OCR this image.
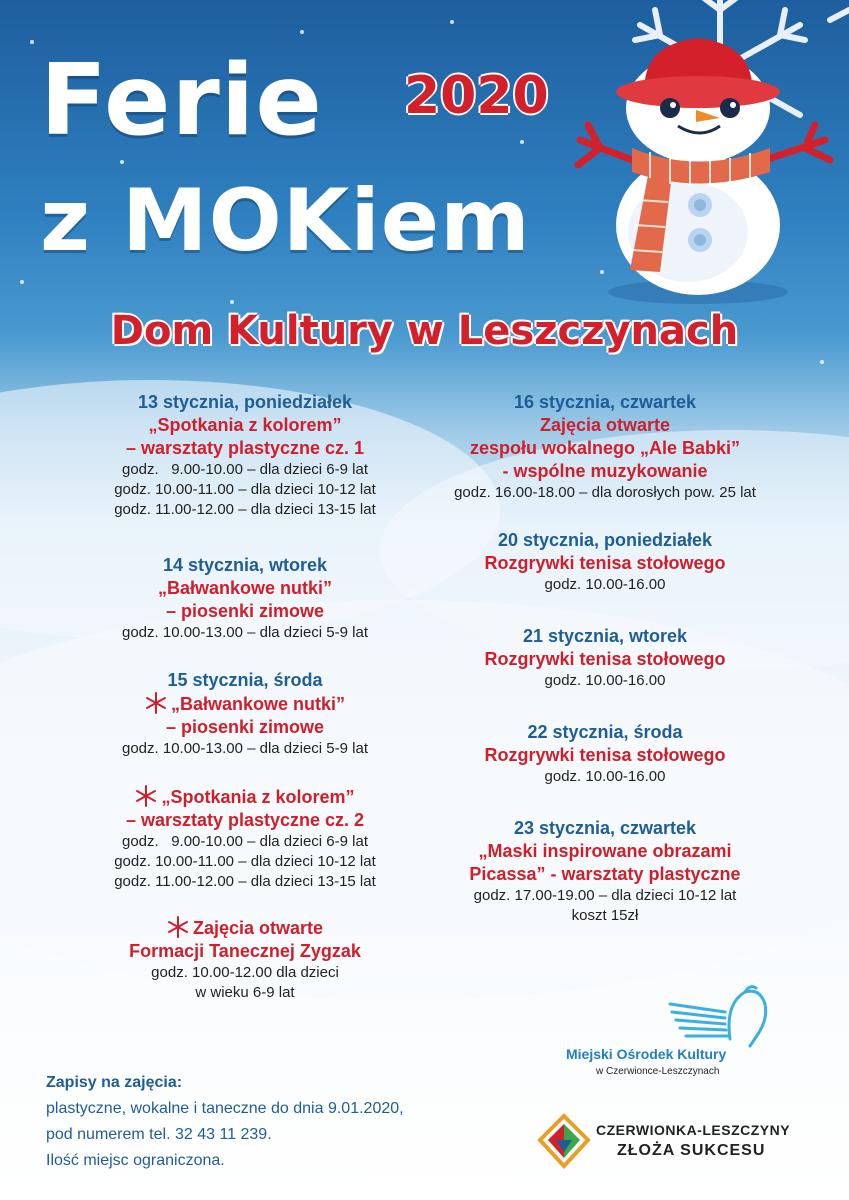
Ferie 2020
z MOKiem
Dom Kultury w Leszczynach
13 stycznia, poniedziałek
„Spotkania z kolorem”
– warsztaty plastyczne cz. 1
godz.   9.00-10.00 – dla dzieci 6-9 lat
godz. 10.00-11.00 – dla dzieci 10-12 lat
godz. 11.00-12.00 – dla dzieci 13-15 lat
14 stycznia, wtorek
„Bałwankowe nutki”
– piosenki zimowe
godz. 10.00-13.00 – dla dzieci 5-9 lat
15 stycznia, środa
„Bałwankowe nutki”
– piosenki zimowe
godz. 10.00-13.00 – dla dzieci 5-9 lat
„Spotkania z kolorem”
– warsztaty plastyczne cz. 2
godz.   9.00-10.00 – dla dzieci 6-9 lat
godz. 10.00-11.00 – dla dzieci 10-12 lat
godz. 11.00-12.00 – dla dzieci 13-15 lat
Zajęcia otwarte
Formacji Tanecznej Zygzak
godz. 10.00-12.00 dla dzieci
w wieku 6-9 lat
16 stycznia, czwartek
Zajęcia otwarte
zespołu wokalnego „Ale Babki”
- wspólne muzykowanie
godz. 16.00-18.00 – dla dorosłych pow. 25 lat
20 stycznia, poniedziałek
Rozgrywki tenisa stołowego
godz. 10.00-16.00
21 stycznia, wtorek
Rozgrywki tenisa stołowego
godz. 10.00-16.00
22 stycznia, środa
Rozgrywki tenisa stołowego
godz. 10.00-16.00
23 stycznia, czwartek
„Maski inspirowane obrazami
Picassa” - warsztaty plastyczne
godz. 17.00-19.00 – dla dzieci 10-12 lat
koszt 15zł
Zapisy na zajęcia:
plastyczne, wokalne i taneczne do dnia 9.01.2020,
pod numerem tel. 32 43 11 239.
Ilość miejsc ograniczona.
Miejski Ośrodek Kultury
w Czerwionce-Leszczynach
CZERWIONKA-LESZCZYNY
ZŁOŻA SUKCESU
